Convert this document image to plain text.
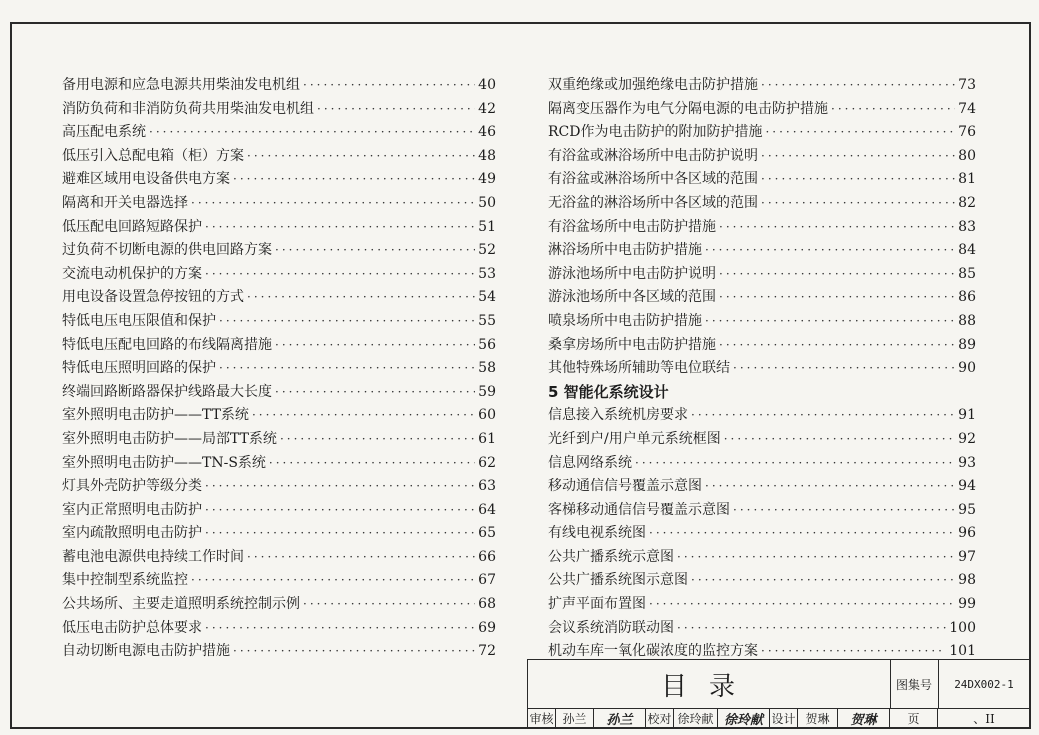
备用电源和应急电源共用柴油发电机组 ·····	40
消防负荷和非消防负荷共用柴油发电机组 ·····	42
高压配电系统 ·····	46
低压引入总配电箱（柜）方案 ·····	48
避难区域用电设备供电方案 ·····	49
隔离和开关电器选择 ·····	50
低压配电回路短路保护 ·····	51
过负荷不切断电源的供电回路方案 ·····	52
交流电动机保护的方案 ·····	53
用电设备设置急停按钮的方式 ·····	54
特低电压电压限值和保护 ·····	55
特低电压配电回路的布线隔离措施 ·····	56
特低电压照明回路的保护 ·····	58
终端回路断路器保护线路最大长度 ·····	59
室外照明电击防护——TT系统 ·····	60
室外照明电击防护——局部TT系统 ·····	61
室外照明电击防护——TN-S系统 ·····	62
灯具外壳防护等级分类 ·····	63
室内正常照明电击防护 ·····	64
室内疏散照明电击防护 ·····	65
蓄电池电源供电持续工作时间 ·····	66
集中控制型系统监控 ·····	67
公共场所、主要走道照明系统控制示例 ·····	68
低压电击防护总体要求 ·····	69
自动切断电源电击防护措施 ·····	72
双重绝缘或加强绝缘电击防护措施 ·····	73
隔离变压器作为电气分隔电源的电击防护措施 ·····	74
RCD作为电击防护的附加防护措施 ·····	76
有浴盆或淋浴场所中电击防护说明 ·····	80
有浴盆或淋浴场所中各区域的范围 ·····	81
无浴盆的淋浴场所中各区域的范围 ·····	82
有浴盆场所中电击防护措施 ·····	83
淋浴场所中电击防护措施 ·····	84
游泳池场所中电击防护说明 ·····	85
游泳池场所中各区域的范围 ·····	86
喷泉场所中电击防护措施 ·····	88
桑拿房场所中电击防护措施 ·····	89
其他特殊场所辅助等电位联结 ·····	90
5 智能化系统设计
信息接入系统机房要求 ·····	91
光纤到户/用户单元系统框图 ·····	92
信息网络系统 ·····	93
移动通信信号覆盖示意图 ·····	94
客梯移动通信信号覆盖示意图 ·····	95
有线电视系统图 ·····	96
公共广播系统示意图 ·····	97
公共广播系统图示意图 ·····	98
扩声平面布置图 ·····	99
会议系统消防联动图 ·····	100
机动车库一氧化碳浓度的监控方案 ·····	101
目录	图集号	24DX002-1
审核 孙兰	孙兰	校对 徐玲献 徐玲献 设计 贺琳	贺琳	页	、II
